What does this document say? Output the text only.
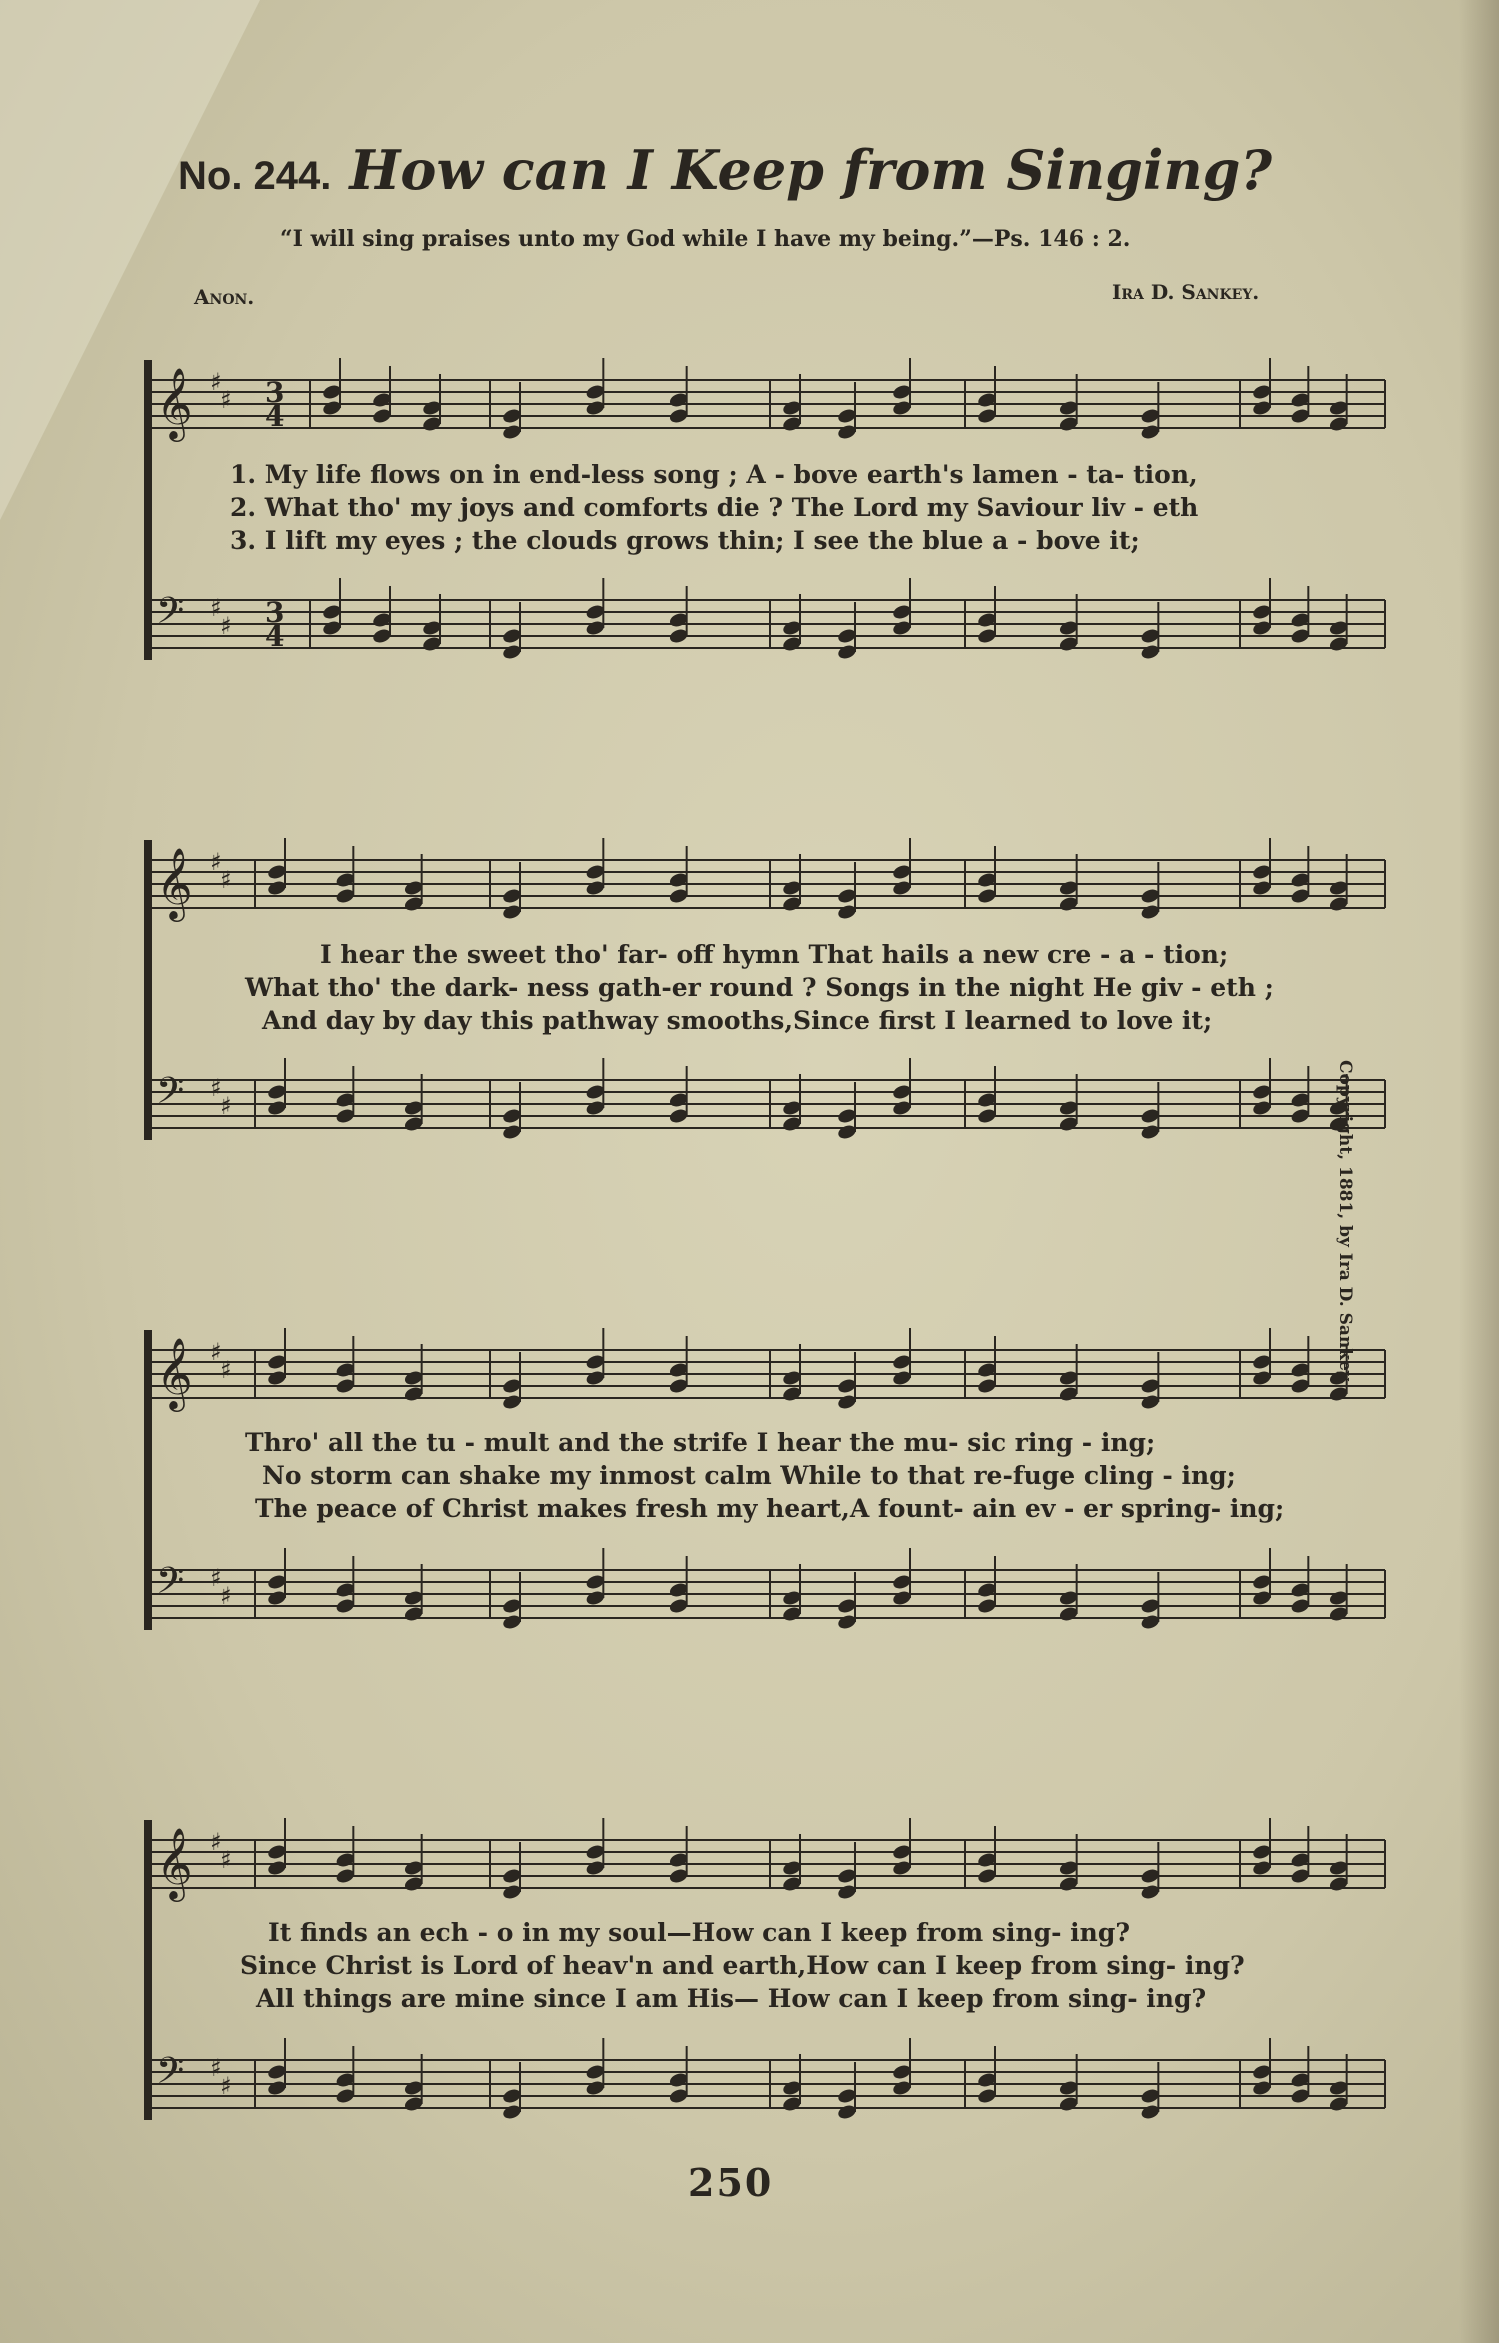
No. 244. How can I Keep from Singing?
“I will sing praises unto my God while I have my being.”—Ps. 146 : 2.
Anon.	Ira D. Sankey.
𝄞 ♯
♯
𝄢 ♯
♯
3
3
4
4
1. My life flows on in end-less song ; A - bove earth's lamen - ta- tion,
2. What tho' my joys and comforts die ? The Lord my Saviour liv - eth
3. I lift my eyes ; the clouds grows thin; I see the blue a - bove it;
𝄞 ♯
♯
𝄢 ♯
♯
I hear the sweet tho' far- off hymn That hails a new cre - a - tion;
What tho' the dark- ness gath-er round ? Songs in the night He giv - eth ;
And day by day this pathway smooths,Since first I learned to love it;
𝄞 ♯
♯
𝄢 ♯
♯
Thro' all the tu - mult and the strife I hear the mu- sic ring - ing;
No storm can shake my inmost calm While to that re-fuge cling - ing;
The peace of Christ makes fresh my heart,A fount- ain ev - er spring- ing;
𝄞 ♯
♯
𝄢 ♯
♯
It finds an ech - o in my soul—How can I keep from sing- ing?
Since Christ is Lord of heav'n and earth,How can I keep from sing- ing?
All things are mine since I am His— How can I keep from sing- ing?
Copyright, 1881, by Ira D. Sankey.
250
